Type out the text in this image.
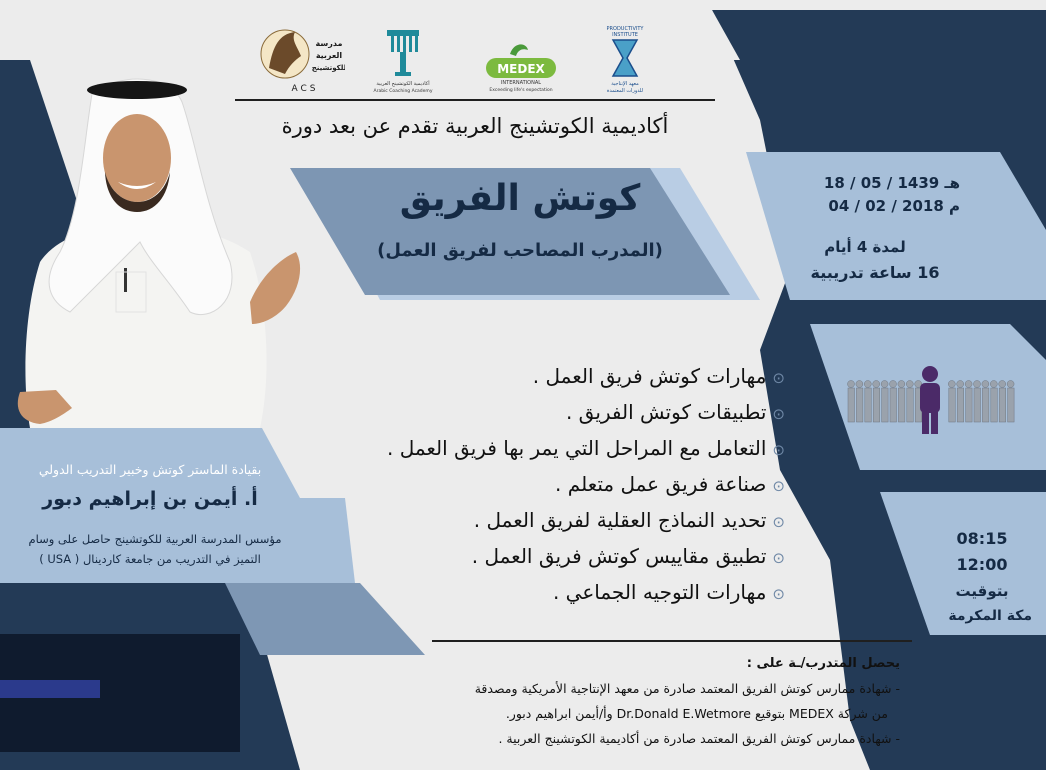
PRODUCTIVITY
INSTITUTE
معهد الإنتاجية
للدورات المعتمدة
MEDEX
INTERNATIONAL
Exceeding life's expectation
أكاديمية الكوتشينج العربية
Arabic Coaching Academy
مدرسة
العربية
للكوتشينج
ACS
أكاديمية الكوتشينج العربية تقدم عن بعد دورة
كوتش الفريق
(المدرب المصاحب لفريق العمل)
18 / 05 / 1439 هـ
04 / 02 / 2018 م
لمدة 4 أيام
16 ساعة تدريبية
08:15
12:00
بتوقيت
مكة المكرمة
⊙مهارات كوتش فريق العمل .
⊙تطبيقات كوتش الفريق .
⊙التعامل مع المراحل التي يمر بها فريق العمل .
⊙صناعة فريق عمل متعلم .
⊙تحديد النماذج العقلية لفريق العمل .
⊙تطبيق مقاييس كوتش فريق العمل .
⊙مهارات التوجيه الجماعي .
بقيادة الماستر كوتش وخبير التدريب الدولي
أ. أيمن بن إبراهيم دبور
مؤسس المدرسة العربية للكوتشينج حاصل على وسام
التميز في التدريب من جامعة كاردينال ( USA )
يحصل المتدرب/ـة على :
- شهادة ممارس كوتش الفريق المعتمد صادرة من معهد الإنتاجية الأمريكية ومصدقة
من شركة MEDEX بتوقيع Dr.Donald E.Wetmore وأ/أيمن ابراهيم دبور.
- شهادة ممارس كوتش الفريق المعتمد صادرة من أكاديمية الكوتشينج العربية .
